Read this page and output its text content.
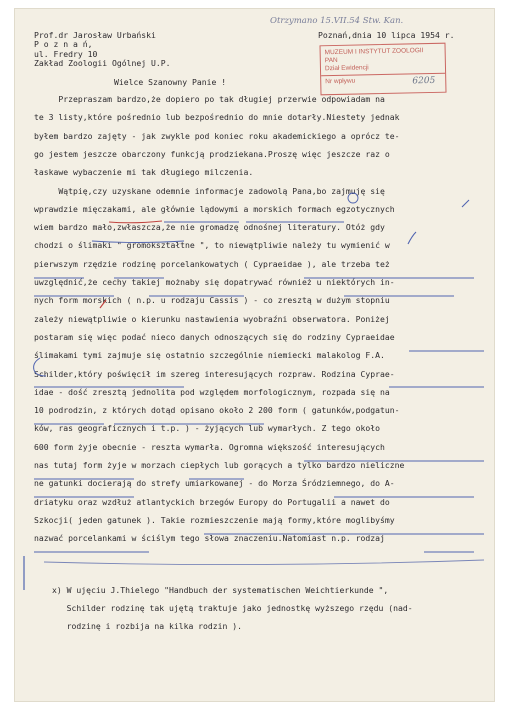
Otrzymano 15.VII.54 Stw. Kan.
Prof.dr Jarosław Urbański
P o z n a ń,
ul. Fredry 10
Zakład Zoologii Ogólnej U.P.
Poznań,dnia 10 lipca 1954 r.
Wielce Szanowny Panie !
Przepraszam bardzo,że dopiero po tak długiej przerwie odpowiadam na
te 3 listy,które pośrednio lub bezpośrednio do mnie dotarły.Niestety jednak
byłem bardzo zajęty - jak zwykle pod koniec roku akademickiego a oprócz te-
go jestem jeszcze obarczony funkcją prodziekana.Proszę więc jeszcze raz o
łaskawe wybaczenie mi tak długiego milczenia.
Wątpię,czy uzyskane odemnie informacje zadowolą Pana,bo zajmuję się
wprawdzie mięczakami, ale głównie lądowymi a morskich formach egzotycznych
wiem bardzo mało,zwłaszcza,że nie gromadzę odnośnej literatury. Otóż gdy
chodzi o ślimaki " gromokształtne ", to niewątpliwie należy tu wymienić w
pierwszym rzędzie rodzinę porcelankowatych ( Cypraeidae ), ale trzeba też
uwzględnić,że cechy takiej możnaby się dopatrywać również u niektórych in-
nych form morskich ( n.p. u rodzaju Cassis ) - co zresztą w dużym stopniu
zależy niewątpliwie o kierunku nastawienia wyobraźni obserwatora. Poniżej
postaram się więc podać nieco danych odnoszących się do rodziny Cypraeidae
ślimakami tymi zajmuje się ostatnio szczególnie niemiecki malakolog F.A.
Schilder,który poświęcił im szereg interesujących rozpraw. Rodzina Cyprae-
idae - dość zresztą jednolita pod względem morfologicznym, rozpada się na
10 podrodzin, z których dotąd opisano około 2 200 form ( gatunków,podgatun-
ków, ras geograficznych i t.p. ) - żyjących lub wymarłych. Z tego około
600 form żyje obecnie - reszta wymarła. Ogromna większość interesujących
nas tutaj form żyje w morzach ciepłych lub gorących a tylko bardzo nieliczne
ne gatunki docierają do strefy umiarkowanej - do Morza Śródziemnego, do A-
driatyku oraz wzdłuż atlantyckich brzegów Europy do Portugalii a nawet do
Szkocji( jeden gatunek ). Takie rozmieszczenie mają formy,które moglibyśmy
nazwać porcelankami w ściślym tego słowa znaczeniu.Natomiast n.p. rodzaj
x) W ujęciu J.Thielego "Handbuch der systematischen Weichtierkunde ",
Schilder rodzinę tak ujętą traktuje jako jednostkę wyższego rzędu (nad-
rodzinę i rozbija na kilka rodzin ).
MUZEUM I INSTYTUT ZOOLOGII
PAN
Dział Ewidencji
Nr wpływu	6205
